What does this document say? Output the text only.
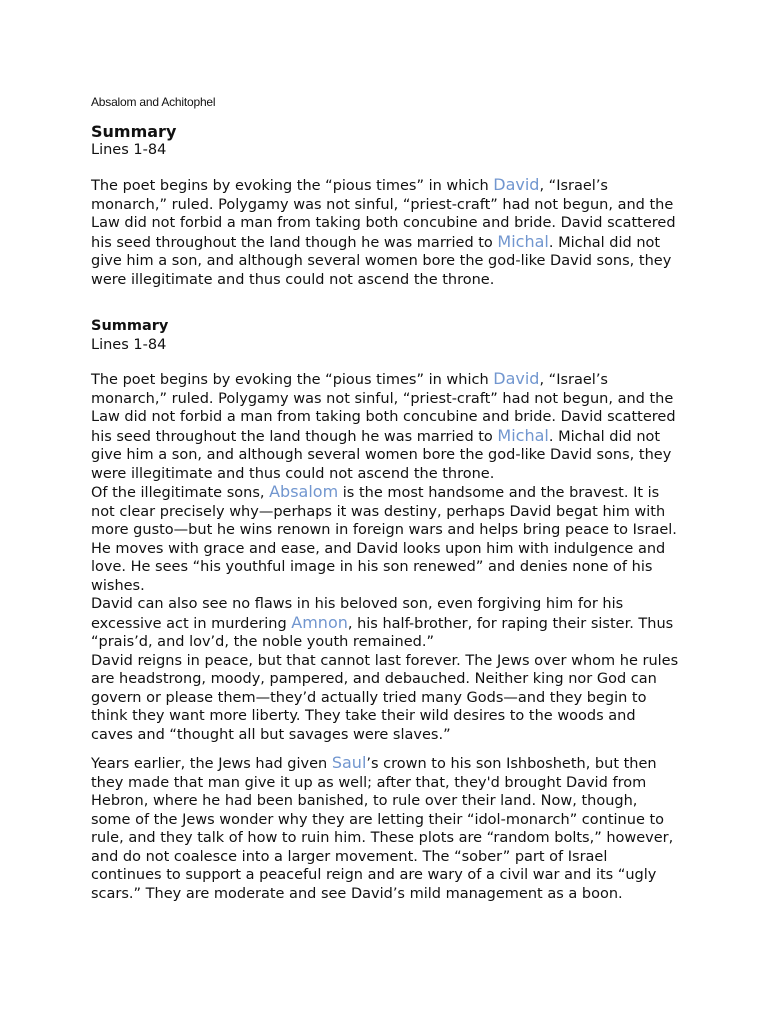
Absalom and Achitophel
Summary
Lines 1-84

The poet begins by evoking the “pious times” in which David, “Israel’s monarch,” ruled. Polygamy was not sinful, “priest-craft” had not begun, and the Law did not forbid a man from taking both concubine and bride. David scattered his seed throughout the land though he was married to Michal. Michal did not give him a son, and although several women bore the god-like David sons, they were illegitimate and thus could not ascend the throne.

Summary
Lines 1-84

The poet begins by evoking the “pious times” in which David, “Israel’s monarch,” ruled. Polygamy was not sinful, “priest-craft” had not begun, and the Law did not forbid a man from taking both concubine and bride. David scattered his seed throughout the land though he was married to Michal. Michal did not give him a son, and although several women bore the god-like David sons, they were illegitimate and thus could not ascend the throne.

Of the illegitimate sons, Absalom is the most handsome and the bravest. It is not clear precisely why—perhaps it was destiny, perhaps David begat him with more gusto—but he wins renown in foreign wars and helps bring peace to Israel. He moves with grace and ease, and David looks upon him with indulgence and love. He sees “his youthful image in his son renewed” and denies none of his wishes.

David can also see no flaws in his beloved son, even forgiving him for his excessive act in murdering Amnon, his half-brother, for raping their sister. Thus “prais’d, and lov’d, the noble youth remained.”

David reigns in peace, but that cannot last forever. The Jews over whom he rules are headstrong, moody, pampered, and debauched. Neither king nor God can govern or please them—they’d actually tried many Gods—and they begin to think they want more liberty. They take their wild desires to the woods and caves and “thought all but savages were slaves.”

Years earlier, the Jews had given Saul’s crown to his son Ishbosheth, but then they made that man give it up as well; after that, they'd brought David from Hebron, where he had been banished, to rule over their land. Now, though, some of the Jews wonder why they are letting their “idol-monarch” continue to rule, and they talk of how to ruin him. These plots are “random bolts,” however, and do not coalesce into a larger movement. The “sober” part of Israel continues to support a peaceful reign and are wary of a civil war and its “ugly scars.” They are moderate and see David’s mild management as a boon.
